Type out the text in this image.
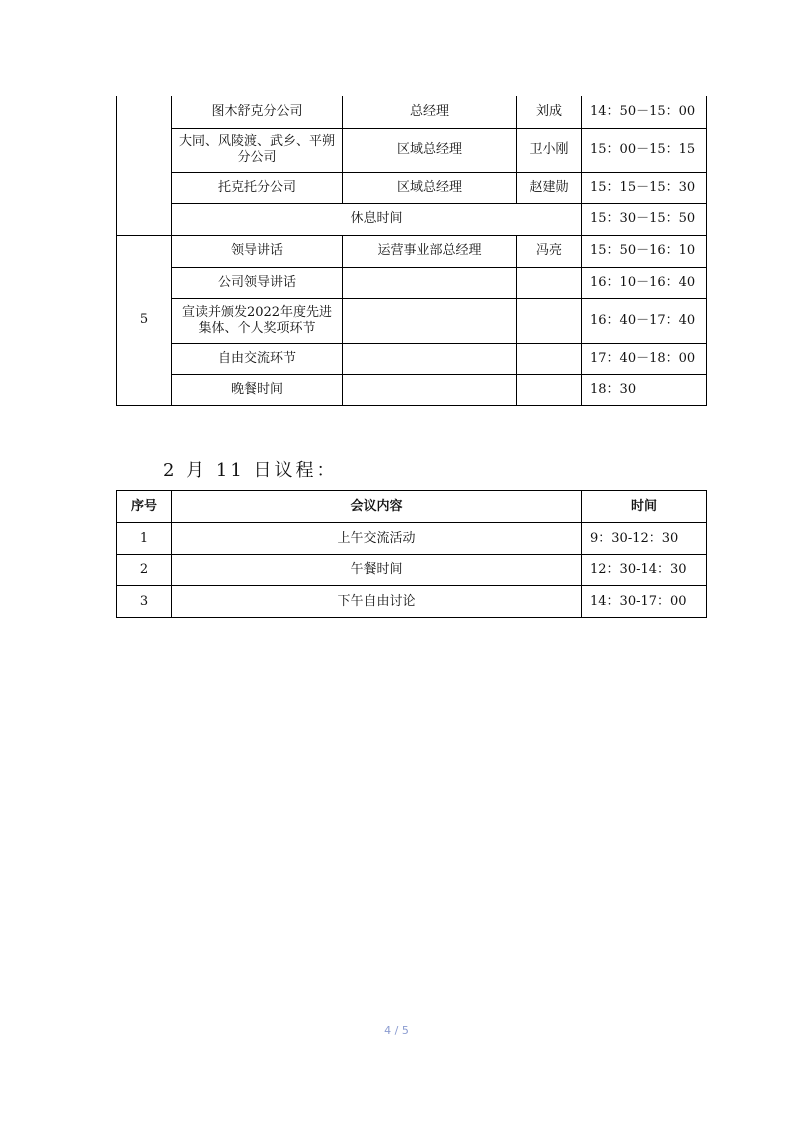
	图木舒克分公司	总经理	刘成	14：50－15：00
	大同、风陵渡、武乡、平朔分公司	区域总经理	卫小刚	15：00－15：15
	托克托分公司	区域总经理	赵建勋	15：15－15：30
	休息时间			15：30－15：50
5	领导讲话	运营事业部总经理	冯亮	15：50－16：10
	公司领导讲话			16：10－16：40
	宣读并颁发2022年度先进集体、个人奖项环节			16：40－17：40
	自由交流环节			17：40－18：00
	晚餐时间			18：30
2 月 11 日议程：
序号	会议内容	时间
1	上午交流活动	9：30-12：30
2	午餐时间	12：30-14：30
3	下午自由讨论	14：30-17：00
4 / 5
